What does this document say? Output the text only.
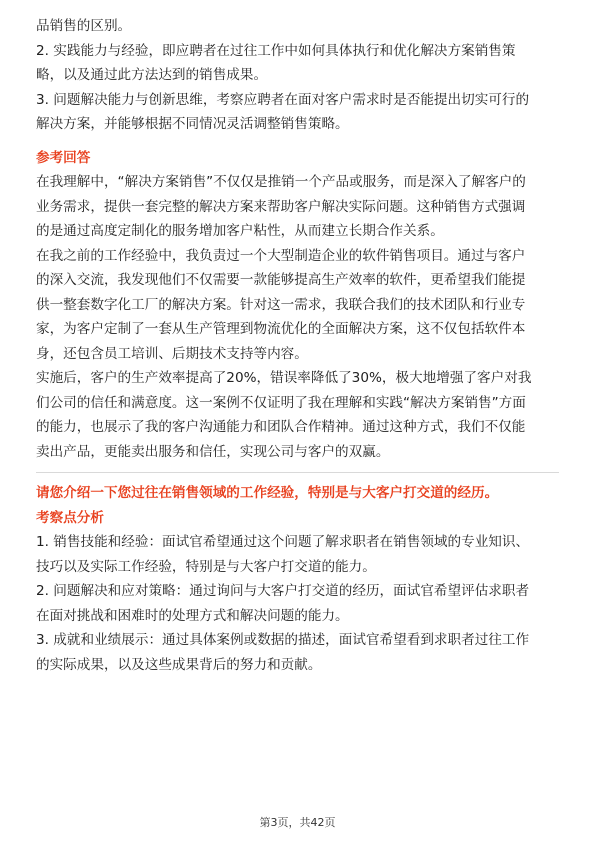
品销售的区别。

2. 实践能力与经验，即应聘者在过往工作中如何具体执行和优化解决方案销售策

略，以及通过此方法达到的销售成果。

3. 问题解决能力与创新思维，考察应聘者在面对客户需求时是否能提出切实可行的

解决方案，并能够根据不同情况灵活调整销售策略。

参考回答

在我理解中，“解决方案销售”不仅仅是推销一个产品或服务，而是深入了解客户的

业务需求，提供一套完整的解决方案来帮助客户解决实际问题。这种销售方式强调

的是通过高度定制化的服务增加客户粘性，从而建立长期合作关系。

在我之前的工作经验中，我负责过一个大型制造企业的软件销售项目。通过与客户

的深入交流，我发现他们不仅需要一款能够提高生产效率的软件，更希望我们能提

供一整套数字化工厂的解决方案。针对这一需求，我联合我们的技术团队和行业专

家，为客户定制了一套从生产管理到物流优化的全面解决方案，这不仅包括软件本

身，还包含员工培训、后期技术支持等内容。

实施后，客户的生产效率提高了20%，错误率降低了30%，极大地增强了客户对我

们公司的信任和满意度。这一案例不仅证明了我在理解和实践“解决方案销售”方面

的能力，也展示了我的客户沟通能力和团队合作精神。通过这种方式，我们不仅能

卖出产品，更能卖出服务和信任，实现公司与客户的双赢。

请您介绍一下您过往在销售领域的工作经验，特别是与大客户打交道的经历。

考察点分析

1. 销售技能和经验：面试官希望通过这个问题了解求职者在销售领域的专业知识、

技巧以及实际工作经验，特别是与大客户打交道的能力。

2. 问题解决和应对策略：通过询问与大客户打交道的经历，面试官希望评估求职者

在面对挑战和困难时的处理方式和解决问题的能力。

3. 成就和业绩展示：通过具体案例或数据的描述，面试官希望看到求职者过往工作

的实际成果，以及这些成果背后的努力和贡献。

第3页，共42页
